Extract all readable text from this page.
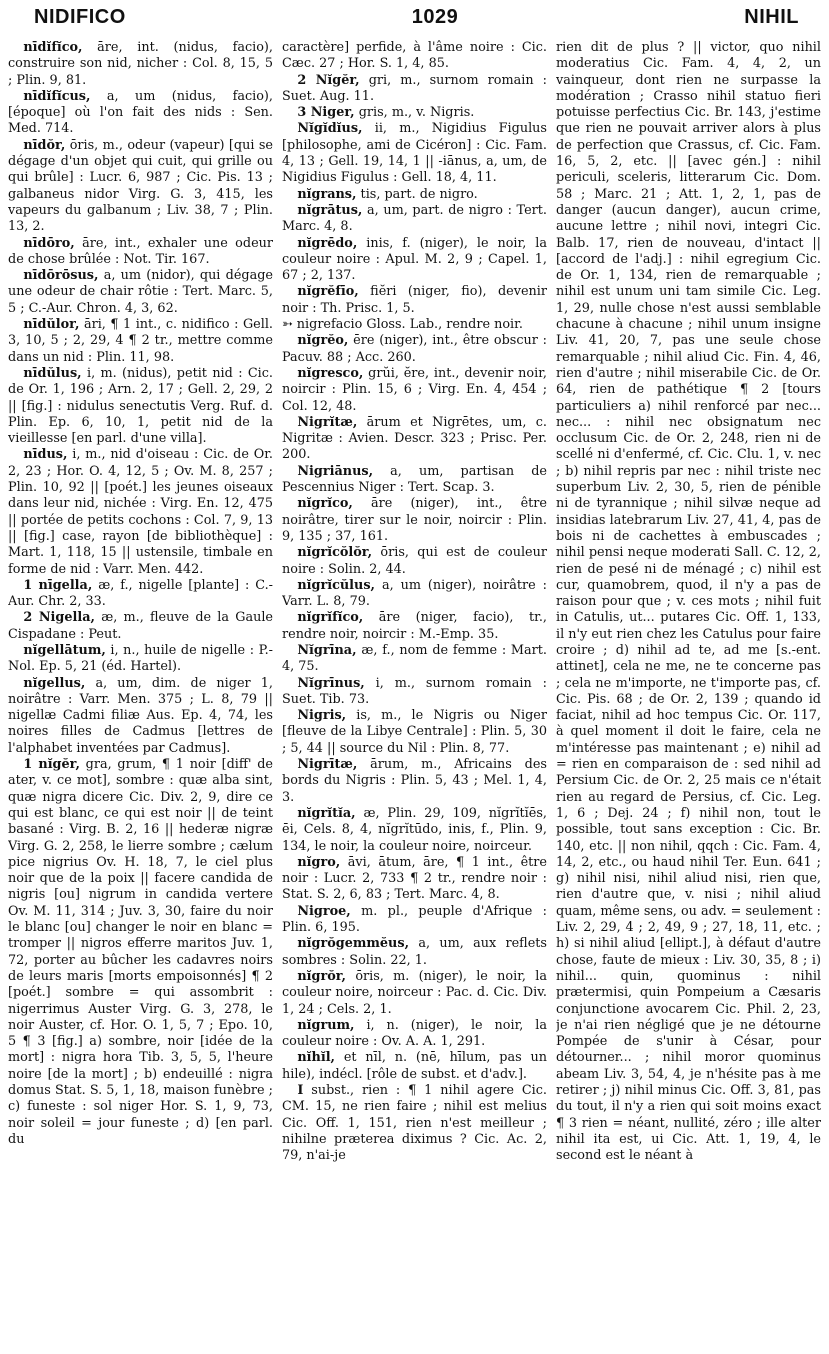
NIDIFICO	1029	NIHIL

nīdĭfĭco, āre, int. (nidus, facio), construire son nid, nicher : Col. 8, 15, 5 ; Plin. 9, 81.

nīdĭfĭcus, a, um (nidus, facio), [époque] où l'on fait des nids : Sen. Med. 714.

nīdŏr, ōris, m., odeur (vapeur) [qui se dégage d'un objet qui cuit, qui grille ou qui brûle] : Lucr. 6, 987 ; Cic. Pis. 13 ; galbaneus nidor Virg. G. 3, 415, les vapeurs du galbanum ; Liv. 38, 7 ; Plin. 13, 2.

nīdōro, āre, int., exhaler une odeur de chose brûlée : Not. Tir. 167.

nīdōrōsus, a, um (nidor), qui dégage une odeur de chair rôtie : Tert. Marc. 5, 5 ; C.-Aur. Chron. 4, 3, 62.

nīdŭlor, āri, ¶ 1 int., c. nidifico : Gell. 3, 10, 5 ; 2, 29, 4 ¶ 2 tr., mettre comme dans un nid : Plin. 11, 98.

nīdŭlus, i, m. (nidus), petit nid : Cic. de Or. 1, 196 ; Arn. 2, 17 ; Gell. 2, 29, 2 || [fig.] : nidulus senectutis Verg. Ruf. d. Plin. Ep. 6, 10, 1, petit nid de la vieillesse [en parl. d'une villa].

nīdus, i, m., nid d'oiseau : Cic. de Or. 2, 23 ; Hor. O. 4, 12, 5 ; Ov. M. 8, 257 ; Plin. 10, 92 || [poét.] les jeunes oiseaux dans leur nid, nichée : Virg. En. 12, 475 || portée de petits cochons : Col. 7, 9, 13 || [fig.] case, rayon [de bibliothèque] : Mart. 1, 118, 15 || ustensile, timbale en forme de nid : Varr. Men. 442.

1 nīgella, æ, f., nigelle [plante] : C.-Aur. Chr. 2, 33.

2 Nigella, æ, m., fleuve de la Gaule Cispadane : Peut.

nĭgellātum, i, n., huile de nigelle : P.-Nol. Ep. 5, 21 (éd. Hartel).

nĭgellus, a, um, dim. de niger 1, noirâtre : Varr. Men. 375 ; L. 8, 79 || nigellæ Cadmi filiæ Aus. Ep. 4, 74, les noires filles de Cadmus [lettres de l'alphabet inventées par Cadmus].

1 nĭgĕr, gra, grum, ¶ 1 noir [diff' de ater, v. ce mot], sombre : quæ alba sint, quæ nigra dicere Cic. Div. 2, 9, dire ce qui est blanc, ce qui est noir || de teint basané : Virg. B. 2, 16 || hederæ nigræ Virg. G. 2, 258, le lierre sombre ; cælum pice nigrius Ov. H. 18, 7, le ciel plus noir que de la poix || facere candida de nigris [ou] nigrum in candida vertere Ov. M. 11, 314 ; Juv. 3, 30, faire du noir le blanc [ou] changer le noir en blanc = tromper || nigros efferre maritos Juv. 1, 72, porter au bûcher les cadavres noirs de leurs maris [morts empoisonnés] ¶ 2 [poét.] sombre = qui assombrit : nigerrimus Auster Virg. G. 3, 278, le noir Auster, cf. Hor. O. 1, 5, 7 ; Epo. 10, 5 ¶ 3 [fig.] a) sombre, noir [idée de la mort] : nigra hora Tib. 3, 5, 5, l'heure noire [de la mort] ; b) endeuillé : nigra domus Stat. S. 5, 1, 18, maison funèbre ; c) funeste : sol niger Hor. S. 1, 9, 73, noir soleil = jour funeste ; d) [en parl. du

caractère] perfide, à l'âme noire : Cic. Cæc. 27 ; Hor. S. 1, 4, 85.

2 Nĭgĕr, gri, m., surnom romain : Suet. Aug. 11.

3 Niger, gris, m., v. Nigris.

Nĭgĭdĭus, ii, m., Nigidius Figulus [philosophe, ami de Cicéron] : Cic. Fam. 4, 13 ; Gell. 19, 14, 1 || -iānus, a, um, de Nigidius Figulus : Gell. 18, 4, 11.

nĭgrans, tis, part. de nigro.

nĭgrātus, a, um, part. de nigro : Tert. Marc. 4, 8.

nĭgrēdo, inis, f. (niger), le noir, la couleur noire : Apul. M. 2, 9 ; Capel. 1, 67 ; 2, 137.

nĭgrĕfīo, fiĕri (niger, fio), devenir noir : Th. Prisc. 1, 5.

➳ nigrefacio Gloss. Lab., rendre noir.

nĭgrĕo, ēre (niger), int., être obscur : Pacuv. 88 ; Acc. 260.

nĭgresco, grŭi, ĕre, int., devenir noir, noircir : Plin. 15, 6 ; Virg. En. 4, 454 ; Col. 12, 48.

Nigrĭtæ, ārum et Nigrētes, um, c. Nigritæ : Avien. Descr. 323 ; Prisc. Per. 200.

Nigriānus, a, um, partisan de Pescennius Niger : Tert. Scap. 3.

nĭgrĭco, āre (niger), int., être noirâtre, tirer sur le noir, noircir : Plin. 9, 135 ; 37, 161.

nĭgrĭcŏlŏr, ōris, qui est de couleur noire : Solin. 2, 44.

nĭgrĭcŭlus, a, um (niger), noirâtre : Varr. L. 8, 79.

nĭgrĭfĭco, āre (niger, facio), tr., rendre noir, noircir : M.-Emp. 35.

Nĭgrīna, æ, f., nom de femme : Mart. 4, 75.

Nĭgrīnus, i, m., surnom romain : Suet. Tib. 73.

Nigris, is, m., le Nigris ou Niger [fleuve de la Libye Centrale] : Plin. 5, 30 ; 5, 44 || source du Nil : Plin. 8, 77.

Nigrītæ, ārum, m., Africains des bords du Nigris : Plin. 5, 43 ; Mel. 1, 4, 3.

nĭgrĭtĭa, æ, Plin. 29, 109, nĭgrĭtĭēs, ēi, Cels. 8, 4, nĭgrĭtūdo, inis, f., Plin. 9, 134, le noir, la couleur noire, noirceur.

nĭgro, āvi, ātum, āre, ¶ 1 int., être noir : Lucr. 2, 733 ¶ 2 tr., rendre noir : Stat. S. 2, 6, 83 ; Tert. Marc. 4, 8.

Nigroe, m. pl., peuple d'Afrique : Plin. 6, 195.

nĭgrŏgemmĕus, a, um, aux reflets sombres : Solin. 22, 1.

nĭgrŏr, ōris, m. (niger), le noir, la couleur noire, noirceur : Pac. d. Cic. Div. 1, 24 ; Cels. 2, 1.

nĭgrum, i, n. (niger), le noir, la couleur noire : Ov. A. A. 1, 291.

nĭhĭl, et nīl, n. (nē, hīlum, pas un hile), indécl. [rôle de subst. et d'adv.].

I subst., rien : ¶ 1 nihil agere Cic. CM. 15, ne rien faire ; nihil est melius Cic. Off. 1, 151, rien n'est meilleur ; nihilne præterea diximus ? Cic. Ac. 2, 79, n'ai-je

rien dit de plus ? || victor, quo nihil moderatius Cic. Fam. 4, 4, 2, un vainqueur, dont rien ne surpasse la modération ; Crasso nihil statuo fieri potuisse perfectius Cic. Br. 143, j'estime que rien ne pouvait arriver alors à plus de perfection que Crassus, cf. Cic. Fam. 16, 5, 2, etc. || [avec gén.] : nihil periculi, sceleris, litterarum Cic. Dom. 58 ; Marc. 21 ; Att. 1, 2, 1, pas de danger (aucun danger), aucun crime, aucune lettre ; nihil novi, integri Cic. Balb. 17, rien de nouveau, d'intact || [accord de l'adj.] : nihil egregium Cic. de Or. 1, 134, rien de remarquable ; nihil est unum uni tam simile Cic. Leg. 1, 29, nulle chose n'est aussi semblable chacune à chacune ; nihil unum insigne Liv. 41, 20, 7, pas une seule chose remarquable ; nihil aliud Cic. Fin. 4, 46, rien d'autre ; nihil miserabile Cic. de Or. 64, rien de pathétique ¶ 2 [tours particuliers a) nihil renforcé par nec... nec... : nihil nec obsignatum nec occlusum Cic. de Or. 2, 248, rien ni de scellé ni d'enfermé, cf. Cic. Clu. 1, v. nec ; b) nihil repris par nec : nihil triste nec superbum Liv. 2, 30, 5, rien de pénible ni de tyrannique ; nihil silvæ neque ad insidias latebrarum Liv. 27, 41, 4, pas de bois ni de cachettes à embuscades ; nihil pensi neque moderati Sall. C. 12, 2, rien de pesé ni de ménagé ; c) nihil est cur, quamobrem, quod, il n'y a pas de raison pour que ; v. ces mots ; nihil fuit in Catulis, ut... putares Cic. Off. 1, 133, il n'y eut rien chez les Catulus pour faire croire ; d) nihil ad te, ad me [s.-ent. attinet], cela ne me, ne te concerne pas ; cela ne m'importe, ne t'importe pas, cf. Cic. Pis. 68 ; de Or. 2, 139 ; quando id faciat, nihil ad hoc tempus Cic. Or. 117, à quel moment il doit le faire, cela ne m'intéresse pas maintenant ; e) nihil ad = rien en comparaison de : sed nihil ad Persium Cic. de Or. 2, 25 mais ce n'était rien au regard de Persius, cf. Cic. Leg. 1, 6 ; Dej. 24 ; f) nihil non, tout le possible, tout sans exception : Cic. Br. 140, etc. || non nihil, qqch : Cic. Fam. 4, 14, 2, etc., ou haud nihil Ter. Eun. 641 ; g) nihil nisi, nihil aliud nisi, rien que, rien d'autre que, v. nisi ; nihil aliud quam, même sens, ou adv. = seulement : Liv. 2, 29, 4 ; 2, 49, 9 ; 27, 18, 11, etc. ; h) si nihil aliud [ellipt.], à défaut d'autre chose, faute de mieux : Liv. 30, 35, 8 ; i) nihil... quin, quominus : nihil prætermisi, quin Pompeium a Cæsaris conjunctione avocarem Cic. Phil. 2, 23, je n'ai rien négligé que je ne détourne Pompée de s'unir à César, pour détourner... ; nihil moror quominus abeam Liv. 3, 54, 4, je n'hésite pas à me retirer ; j) nihil minus Cic. Off. 3, 81, pas du tout, il n'y a rien qui soit moins exact ¶ 3 rien = néant, nullité, zéro ; ille alter nihil ita est, ui Cic. Att. 1, 19, 4, le second est le néant à
